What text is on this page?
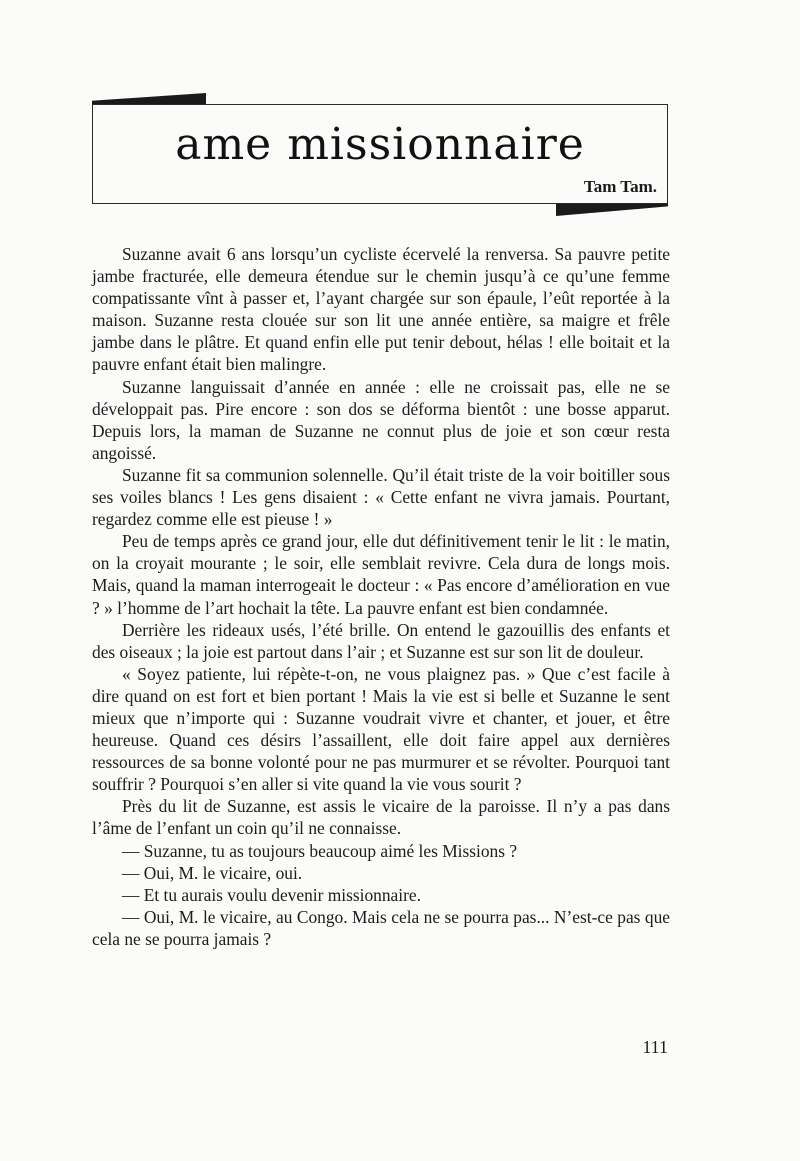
ame missionnaire
Tam Tam.

Suzanne avait 6 ans lorsqu’un cycliste écervelé la renversa. Sa pauvre petite jambe fracturée, elle demeura étendue sur le chemin jusqu’à ce qu’une femme compatissante vînt à passer et, l’ayant chargée sur son épaule, l’eût reportée à la maison. Suzanne resta clouée sur son lit une année entière, sa maigre et frêle jambe dans le plâtre. Et quand enfin elle put tenir debout, hélas ! elle boitait et la pauvre enfant était bien malingre.

Suzanne languissait d’année en année : elle ne croissait pas, elle ne se développait pas. Pire encore : son dos se déforma bientôt : une bosse apparut. Depuis lors, la maman de Suzanne ne connut plus de joie et son cœur resta angoissé.

Suzanne fit sa communion solennelle. Qu’il était triste de la voir boitiller sous ses voiles blancs ! Les gens disaient : « Cette enfant ne vivra jamais. Pourtant, regardez comme elle est pieuse ! »

Peu de temps après ce grand jour, elle dut définitivement tenir le lit : le matin, on la croyait mourante ; le soir, elle semblait revivre. Cela dura de longs mois. Mais, quand la maman interrogeait le docteur : « Pas encore d’amélioration en vue ? » l’homme de l’art hochait la tête. La pauvre enfant est bien condamnée.

Derrière les rideaux usés, l’été brille. On entend le gazouillis des enfants et des oiseaux ; la joie est partout dans l’air ; et Suzanne est sur son lit de douleur.

« Soyez patiente, lui répète-t-on, ne vous plaignez pas. » Que c’est facile à dire quand on est fort et bien portant ! Mais la vie est si belle et Suzanne le sent mieux que n’importe qui : Suzanne voudrait vivre et chanter, et jouer, et être heureuse. Quand ces désirs l’assaillent, elle doit faire appel aux dernières ressources de sa bonne volonté pour ne pas murmurer et se révolter. Pourquoi tant souffrir ? Pourquoi s’en aller si vite quand la vie vous sourit ?

Près du lit de Suzanne, est assis le vicaire de la paroisse. Il n’y a pas dans l’âme de l’enfant un coin qu’il ne connaisse.

— Suzanne, tu as toujours beaucoup aimé les Missions ?

— Oui, M. le vicaire, oui.

— Et tu aurais voulu devenir missionnaire.

— Oui, M. le vicaire, au Congo. Mais cela ne se pourra pas... N’est-ce pas que cela ne se pourra jamais ?

111
